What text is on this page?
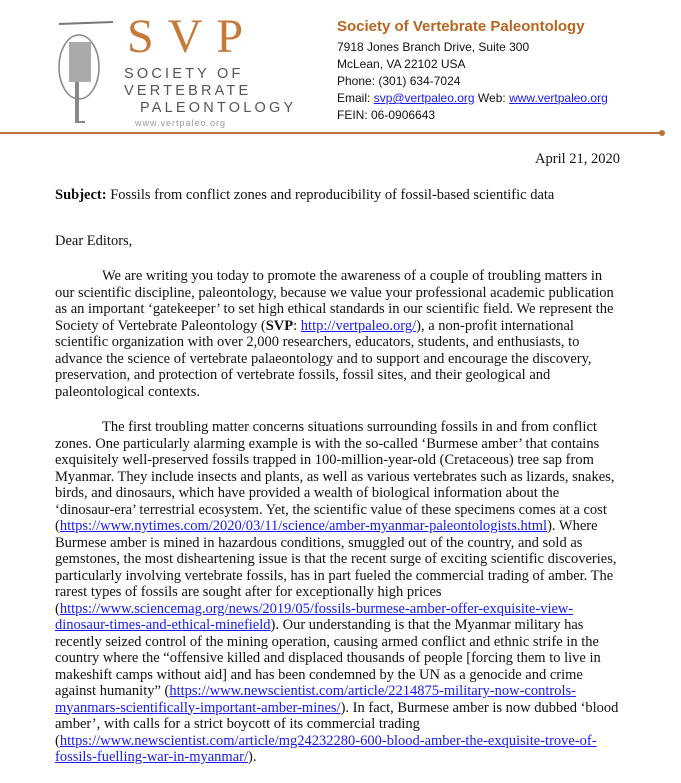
SVP
SOCIETY OF
VERTEBRATE
PALEONTOLOGY
www.vertpaleo.org
Society of Vertebrate Paleontology
7918 Jones Branch Drive, Suite 300
McLean, VA 22102 USA
Phone: (301) 634-7024
Email: svp@vertpaleo.org Web: www.vertpaleo.org
FEIN: 06-0906643
April 21, 2020
Subject: Fossils from conflict zones and reproducibility of fossil-based scientific data
Dear Editors,
We are writing you today to promote the awareness of a couple of troubling matters in
our scientific discipline, paleontology, because we value your professional academic publication
as an important ‘gatekeeper’ to set high ethical standards in our scientific field. We represent the
Society of Vertebrate Paleontology (SVP: http://vertpaleo.org/), a non-profit international
scientific organization with over 2,000 researchers, educators, students, and enthusiasts, to
advance the science of vertebrate palaeontology and to support and encourage the discovery,
preservation, and protection of vertebrate fossils, fossil sites, and their geological and
paleontological contexts.
The first troubling matter concerns situations surrounding fossils in and from conflict
zones. One particularly alarming example is with the so-called ‘Burmese amber’ that contains
exquisitely well-preserved fossils trapped in 100-million-year-old (Cretaceous) tree sap from
Myanmar. They include insects and plants, as well as various vertebrates such as lizards, snakes,
birds, and dinosaurs, which have provided a wealth of biological information about the
‘dinosaur-era’ terrestrial ecosystem. Yet, the scientific value of these specimens comes at a cost
(https://www.nytimes.com/2020/03/11/science/amber-myanmar-paleontologists.html). Where
Burmese amber is mined in hazardous conditions, smuggled out of the country, and sold as
gemstones, the most disheartening issue is that the recent surge of exciting scientific discoveries,
particularly involving vertebrate fossils, has in part fueled the commercial trading of amber. The
rarest types of fossils are sought after for exceptionally high prices
(https://www.sciencemag.org/news/2019/05/fossils-burmese-amber-offer-exquisite-view-
dinosaur-times-and-ethical-minefield). Our understanding is that the Myanmar military has
recently seized control of the mining operation, causing armed conflict and ethnic strife in the
country where the “offensive killed and displaced thousands of people [forcing them to live in
makeshift camps without aid] and has been condemned by the UN as a genocide and crime
against humanity” (https://www.newscientist.com/article/2214875-military-now-controls-
myanmars-scientifically-important-amber-mines/). In fact, Burmese amber is now dubbed ‘blood
amber’, with calls for a strict boycott of its commercial trading
(https://www.newscientist.com/article/mg24232280-600-blood-amber-the-exquisite-trove-of-
fossils-fuelling-war-in-myanmar/).
